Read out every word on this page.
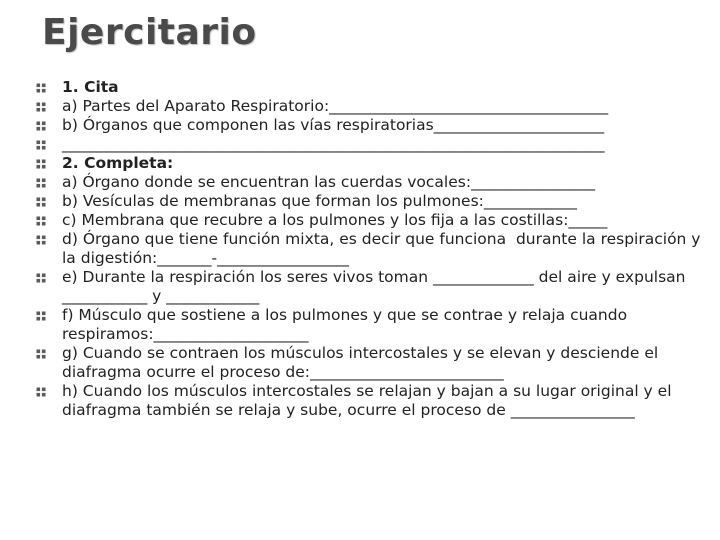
Ejercitario
1. Cita
a) Partes del Aparato Respiratorio:____________________________________
b) Órganos que componen las vías respiratorias______________________
______________________________________________________________________
2. Completa:
a) Órgano donde se encuentran las cuerdas vocales:________________
b) Vesículas de membranas que forman los pulmones:____________
c) Membrana que recubre a los pulmones y los fija a las costillas:_____
d) Órgano que tiene función mixta, es decir que funciona  durante la respiración y la digestión:_______-_________________
e) Durante la respiración los seres vivos toman _____________ del aire y expulsan ___________ y ____________
f) Músculo que sostiene a los pulmones y que se contrae y relaja cuando respiramos:____________________
g) Cuando se contraen los músculos intercostales y se elevan y desciende el diafragma ocurre el proceso de:_________________________
h) Cuando los músculos intercostales se relajan y bajan a su lugar original y el diafragma también se relaja y sube, ocurre el proceso de ________________
